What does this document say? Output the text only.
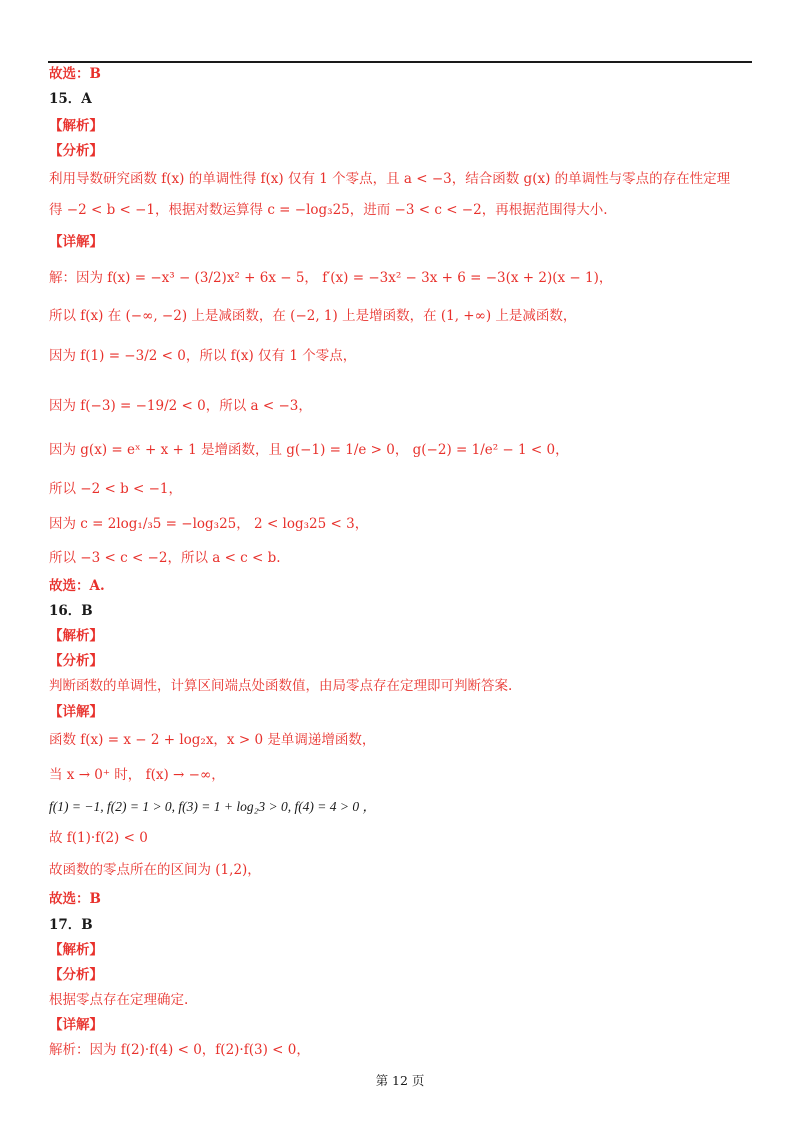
故选：B
15．A
【解析】
【分析】
利用导数研究函数 f(x) 的单调性得 f(x) 仅有 1 个零点，且 a < −3，结合函数 g(x) 的单调性与零点的存在性定理
得 −2 < b < −1，根据对数运算得 c = −log₃25，进而 −3 < c < −2，再根据范围得大小.
【详解】
解：因为 f(x) = −x³ − (3/2)x² + 6x − 5， f′(x) = −3x² − 3x + 6 = −3(x + 2)(x − 1)，
所以 f(x) 在 (−∞, −2) 上是减函数，在 (−2, 1) 上是增函数，在 (1, +∞) 上是减函数，
因为 f(1) = −3/2 < 0，所以 f(x) 仅有 1 个零点，
因为 f(−3) = −19/2 < 0，所以 a < −3，
因为 g(x) = eˣ + x + 1 是增函数，且 g(−1) = 1/e > 0， g(−2) = 1/e² − 1 < 0，
所以 −2 < b < −1，
因为 c = 2log₁/₃5 = −log₃25， 2 < log₃25 < 3，
所以 −3 < c < −2，所以 a < c < b.
故选：A.
16．B
【解析】
【分析】
判断函数的单调性，计算区间端点处函数值，由局零点存在定理即可判断答案.
【详解】
函数 f(x) = x − 2 + log₂x，x > 0 是单调递增函数，
当 x → 0⁺ 时， f(x) → −∞，
f(1) = −1, f(2) = 1 > 0, f(3) = 1 + log₂3 > 0, f(4) = 4 > 0 ，
故 f(1)·f(2) < 0
故函数的零点所在的区间为 (1,2)，
故选：B
17．B
【解析】
【分析】
根据零点存在定理确定.
【详解】
解析：因为 f(2)·f(4) < 0，f(2)·f(3) < 0，
第 12 页
